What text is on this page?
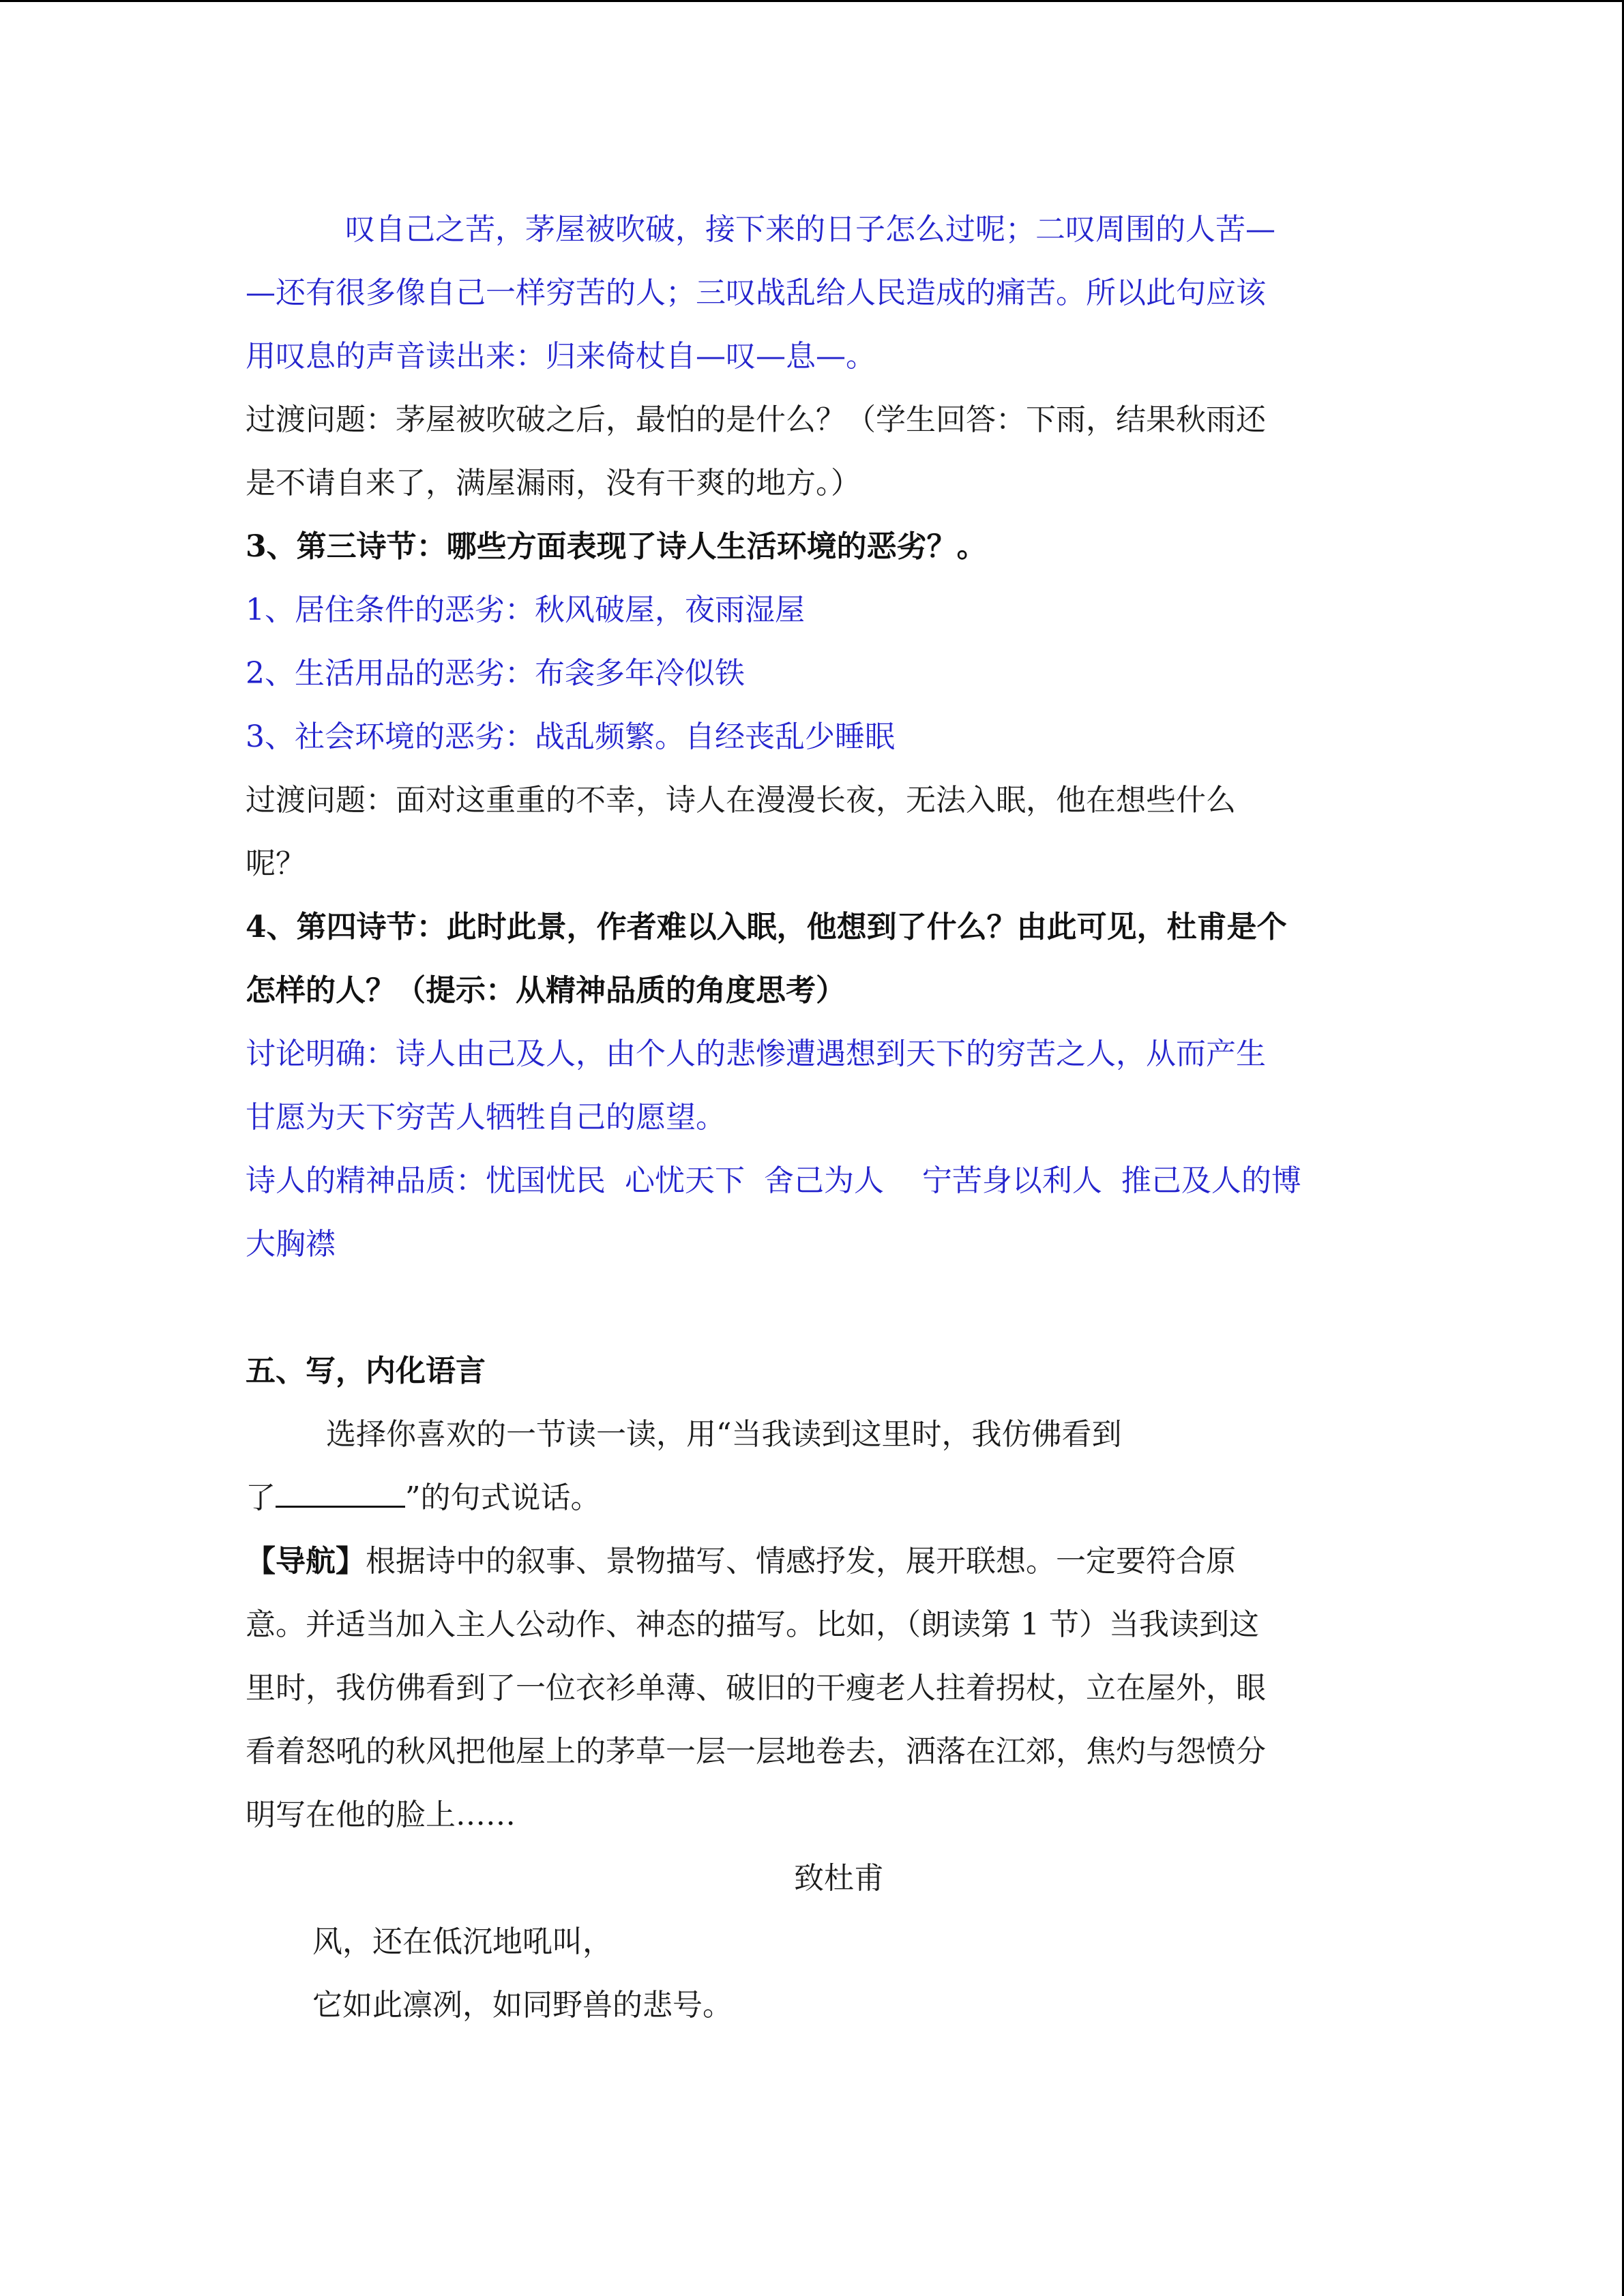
叹自己之苦，茅屋被吹破，接下来的日子怎么过呢；二叹周围的人苦—
—还有很多像自己一样穷苦的人；三叹战乱给人民造成的痛苦。所以此句应该
用叹息的声音读出来：归来倚杖自—叹—息—。
过渡问题：茅屋被吹破之后，最怕的是什么？（学生回答：下雨，结果秋雨还
是不请自来了，满屋漏雨，没有干爽的地方。）
3、第三诗节：哪些方面表现了诗人生活环境的恶劣？。
1、居住条件的恶劣：秋风破屋，夜雨湿屋
2、生活用品的恶劣：布衾多年冷似铁
3、社会环境的恶劣：战乱频繁。自经丧乱少睡眠
过渡问题：面对这重重的不幸，诗人在漫漫长夜，无法入眠，他在想些什么
呢？
4、第四诗节：此时此景，作者难以入眠，他想到了什么？由此可见，杜甫是个
怎样的人？（提示：从精神品质的角度思考）
讨论明确：诗人由己及人，由个人的悲惨遭遇想到天下的穷苦之人，从而产生
甘愿为天下穷苦人牺牲自己的愿望。
诗人的精神品质：忧国忧民  心忧天下  舍己为人    宁苦身以利人  推己及人的博
大胸襟
五、写，内化语言
选择你喜欢的一节读一读，用“当我读到这里时，我仿佛看到
了	”的句式说话。
【导航】根据诗中的叙事、景物描写、情感抒发，展开联想。一定要符合原
意。并适当加入主人公动作、神态的描写。比如，（朗读第 1 节）当我读到这
里时，我仿佛看到了一位衣衫单薄、破旧的干瘦老人拄着拐杖，立在屋外，眼
看着怒吼的秋风把他屋上的茅草一层一层地卷去，洒落在江郊，焦灼与怨愤分
明写在他的脸上……
致杜甫
风，还在低沉地吼叫，
它如此凛冽，如同野兽的悲号。
